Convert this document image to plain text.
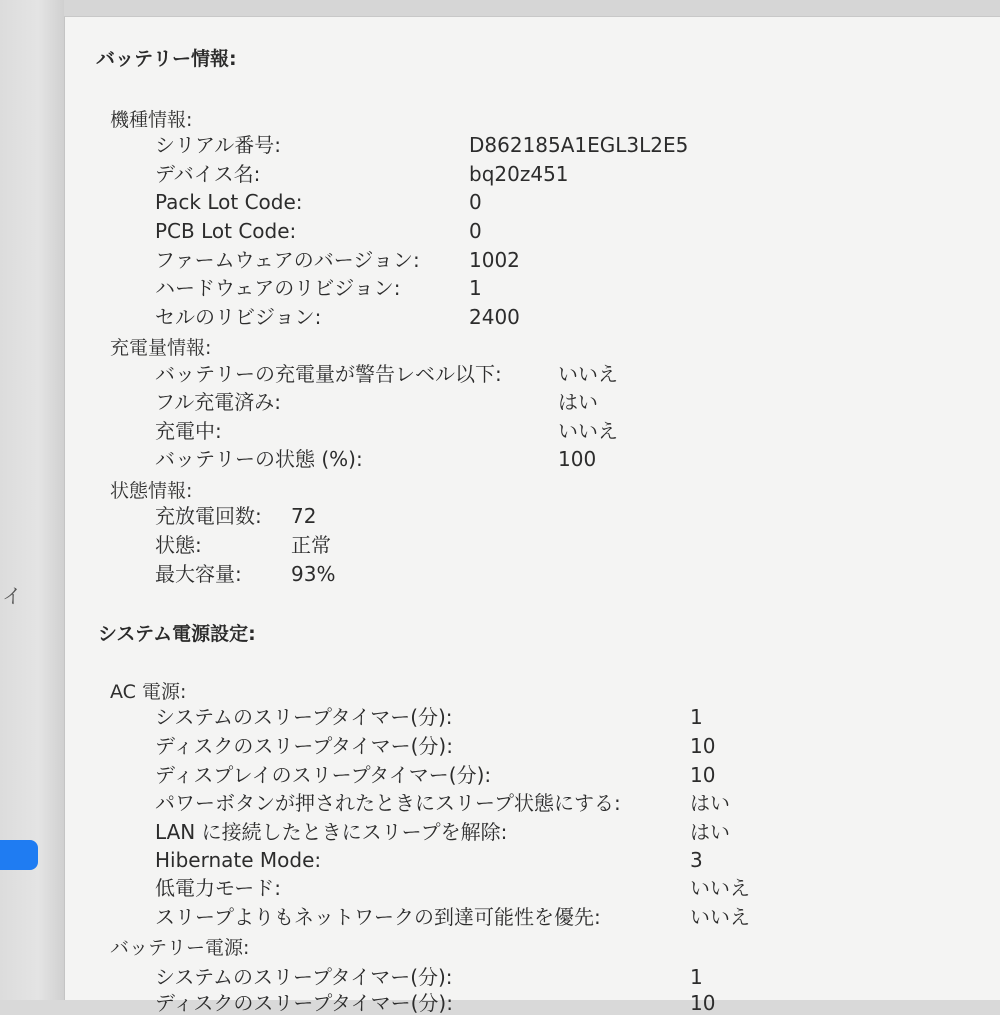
イ
バッテリー情報:
機種情報:
シリアル番号:	D862185A1EGL3L2E5
デバイス名:	bq20z451
Pack Lot Code:	0
PCB Lot Code:	0
ファームウェアのバージョン: 1002
ハードウェアのリビジョン:	1
セルのリビジョン:	2400
充電量情報:
バッテリーの充電量が警告レベル以下:	いいえ
フル充電済み:	はい
充電中:	いいえ
バッテリーの状態 (%):	100
状態情報:
充放電回数: 72
状態:	正常
最大容量: 93%
システム電源設定:
AC 電源:
システムのスリープタイマー(分):	1
ディスクのスリープタイマー(分):	10
ディスプレイのスリープタイマー(分):	10
パワーボタンが押されたときにスリープ状態にする:	はい
LAN に接続したときにスリープを解除:	はい
Hibernate Mode:	3
低電力モード:	いいえ
スリープよりもネットワークの到達可能性を優先:	いいえ
バッテリー電源:
システムのスリープタイマー(分):	1
ディスクのスリープタイマー(分):	10
